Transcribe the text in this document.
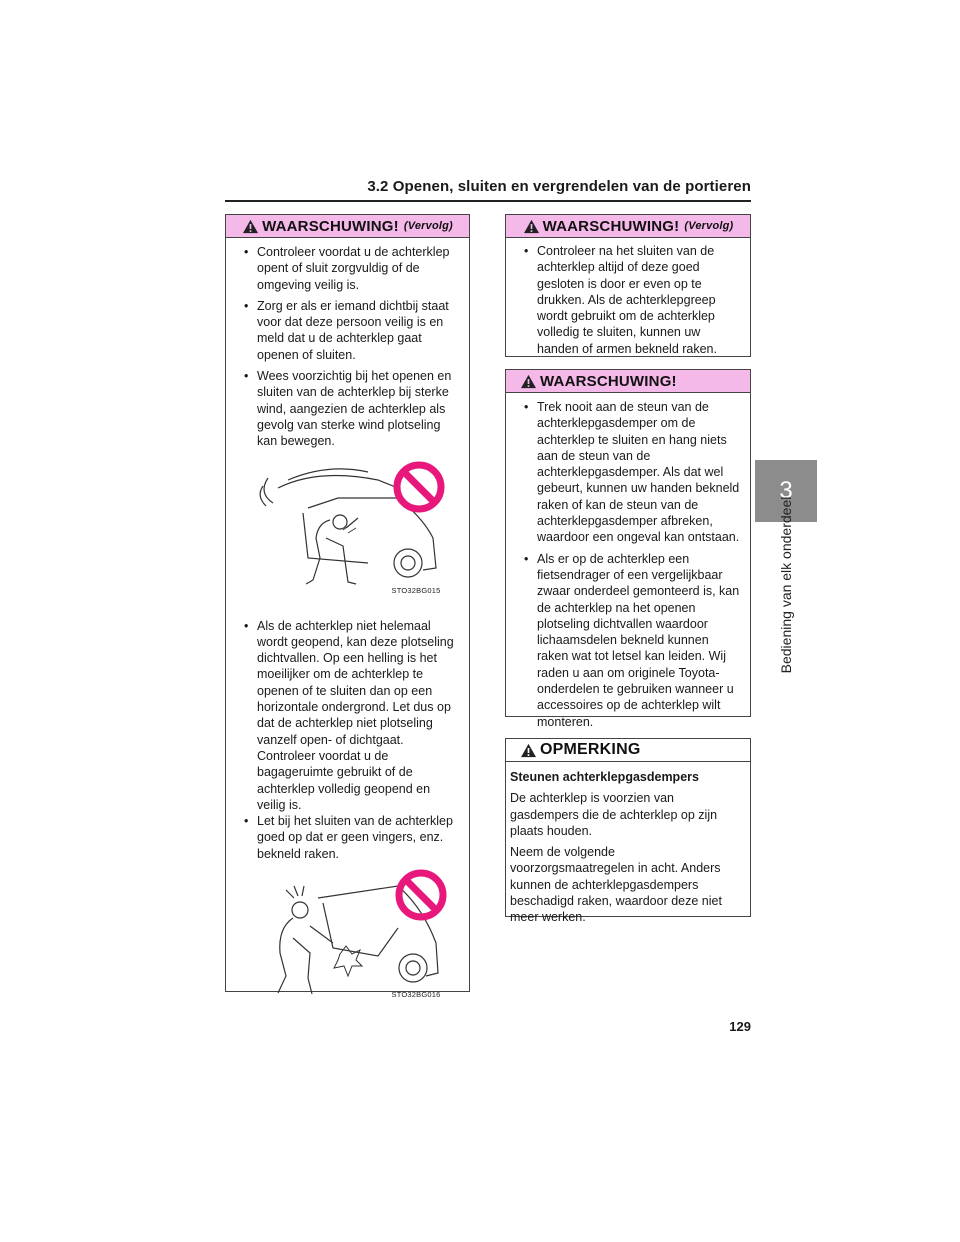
3.2 Openen, sluiten en vergrendelen van de portieren
WAARSCHUWING! (Vervolg)

• Controleer voordat u de achterklep opent of sluit zorgvuldig of de omgeving veilig is.

• Zorg er als er iemand dichtbij staat voor dat deze persoon veilig is en meld dat u de achterklep gaat openen of sluiten.

• Wees voorzichtig bij het openen en sluiten van de achterklep bij sterke wind, aangezien de achterklep als gevolg van sterke wind plotseling kan bewegen.

STO32BG015

• Als de achterklep niet helemaal wordt geopend, kan deze plotseling dichtvallen. Op een helling is het moeilijker om de achterklep te openen of te sluiten dan op een horizontale ondergrond. Let dus op dat de achterklep niet plotseling vanzelf open- of dichtgaat. Controleer voordat u de bagageruimte gebruikt of de achterklep volledig geopend en veilig is.

• Let bij het sluiten van de achterklep goed op dat er geen vingers, enz. bekneld raken.

STO32BG016
WAARSCHUWING! (Vervolg)

• Controleer na het sluiten van de achterklep altijd of deze goed gesloten is door er even op te drukken. Als de achterklepgreep wordt gebruikt om de achterklep volledig te sluiten, kunnen uw handen of armen bekneld raken.

WAARSCHUWING!

• Trek nooit aan de steun van de achterklepgasdemper om de achterklep te sluiten en hang niets aan de steun van de achterklepgasdemper. Als dat wel gebeurt, kunnen uw handen bekneld raken of kan de steun van de achterklepgasdemper afbreken, waardoor een ongeval kan ontstaan.

• Als er op de achterklep een fietsendrager of een vergelijkbaar zwaar onderdeel gemonteerd is, kan de achterklep na het openen plotseling dichtvallen waardoor lichaamsdelen bekneld kunnen raken wat tot letsel kan leiden. Wij raden u aan om originele Toyota-onderdelen te gebruiken wanneer u accessoires op de achterklep wilt monteren.

OPMERKING

Steunen achterklepgasdempers

De achterklep is voorzien van gasdempers die de achterklep op zijn plaats houden.

Neem de volgende voorzorgsmaatregelen in acht. Anders kunnen de achterklepgasdempers beschadigd raken, waardoor deze niet meer werken.

3
Bediening van elk onderdeel
129
